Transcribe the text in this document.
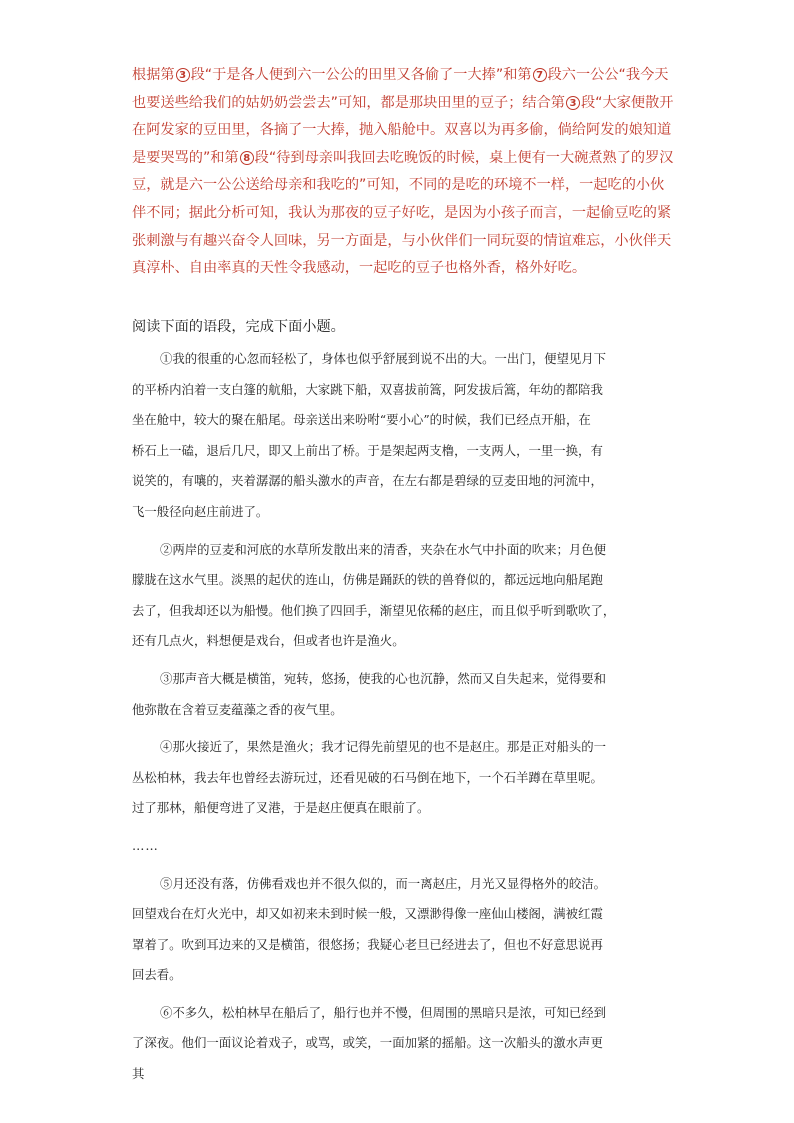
根据第 3 段“于是各人便到六一公公的田里又各偷了一大捧”和第 7 段六一公公“我今天
也要送些给我们的姑奶奶尝尝去”可知，都是那块田里的豆子；结合第 3 段“大家便散开
在阿发家的豆田里，各摘了一大捧，抛入船舱中。双喜以为再多偷，倘给阿发的娘知道
是要哭骂的”和第 8 段“待到母亲叫我回去吃晚饭的时候，桌上便有一大碗煮熟了的罗汉
豆，就是六一公公送给母亲和我吃的”可知，不同的是吃的环境不一样，一起吃的小伙
伴不同；据此分析可知，我认为那夜的豆子好吃，是因为小孩子而言，一起偷豆吃的紧
张刺激与有趣兴奋令人回味，另一方面是，与小伙伴们一同玩耍的情谊难忘，小伙伴天
真淳朴、自由率真的天性令我感动，一起吃的豆子也格外香，格外好吃。

阅读下面的语段，完成下面小题。

①我的很重的心忽而轻松了，身体也似乎舒展到说不出的大。一出门，便望见月下
的平桥内泊着一支白篷的航船，大家跳下船，双喜拔前篙，阿发拔后篙，年幼的都陪我
坐在舱中，较大的聚在船尾。母亲送出来吩咐“要小心”的时候，我们已经点开船，在
桥石上一磕，退后几尺，即又上前出了桥。于是架起两支橹，一支两人，一里一换，有
说笑的，有嚷的，夹着潺潺的船头激水的声音，在左右都是碧绿的豆麦田地的河流中，
飞一般径向赵庄前进了。
②两岸的豆麦和河底的水草所发散出来的清香，夹杂在水气中扑面的吹来；月色便
朦胧在这水气里。淡黑的起伏的连山，仿佛是踊跃的铁的兽脊似的，都远远地向船尾跑
去了，但我却还以为船慢。他们换了四回手，渐望见依稀的赵庄，而且似乎听到歌吹了，
还有几点火，料想便是戏台，但或者也许是渔火。
③那声音大概是横笛，宛转，悠扬，使我的心也沉静，然而又自失起来，觉得要和
他弥散在含着豆麦蕴藻之香的夜气里。
④那火接近了，果然是渔火；我才记得先前望见的也不是赵庄。那是正对船头的一
丛松柏林，我去年也曾经去游玩过，还看见破的石马倒在地下，一个石羊蹲在草里呢。
过了那林，船便弯进了叉港，于是赵庄便真在眼前了。
……
⑤月还没有落，仿佛看戏也并不很久似的，而一离赵庄，月光又显得格外的皎洁。
回望戏台在灯火光中，却又如初来未到时候一般，又漂渺得像一座仙山楼阁，满被红霞
罩着了。吹到耳边来的又是横笛，很悠扬；我疑心老旦已经进去了，但也不好意思说再
回去看。
⑥不多久，松柏林早在船后了，船行也并不慢，但周围的黑暗只是浓，可知已经到
了深夜。他们一面议论着戏子，或骂，或笑，一面加紧的摇船。这一次船头的激水声更
其
